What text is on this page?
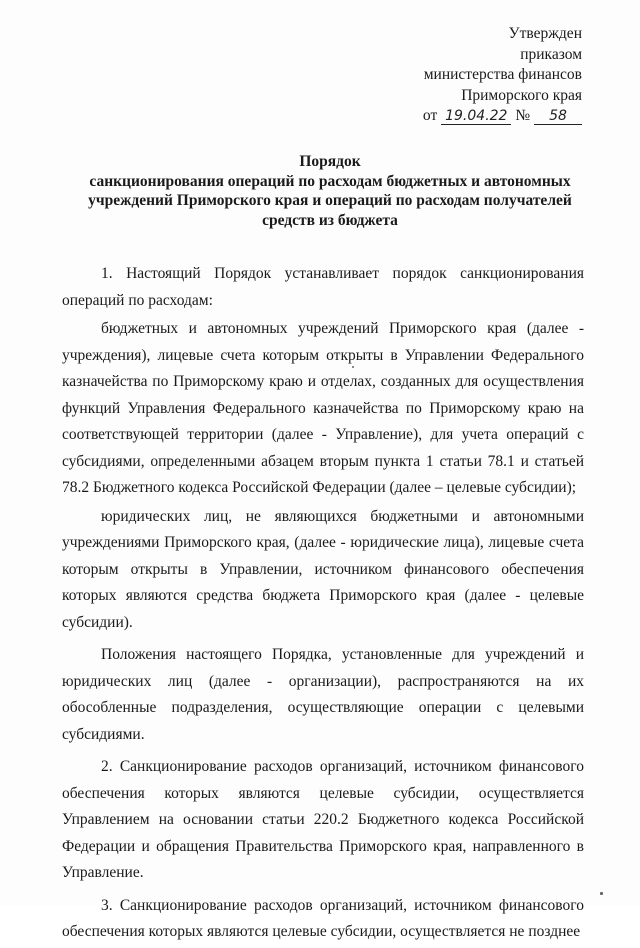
Утвержден
приказом
министерства финансов
Приморского края
от 19.04.22 № 58
Порядок
санкционирования операций по расходам бюджетных и автономных
учреждений Приморского края и операций по расходам получателей
средств из бюджета

1. Настоящий Порядок устанавливает порядок санкционирования операций по расходам:

бюджетных и автономных учреждений Приморского края (далее - учреждения), лицевые счета которым открыты в Управлении Федерального казначейства по Приморскому краю и отделах, созданных для осуществления функций Управления Федерального казначейства по Приморскому краю на соответствующей территории (далее - Управление), для учета операций с субсидиями, определенными абзацем вторым пункта 1 статьи 78.1 и статьей 78.2 Бюджетного кодекса Российской Федерации (далее – целевые субсидии);

юридических лиц, не являющихся бюджетными и автономными учреждениями Приморского края, (далее - юридические лица), лицевые счета которым открыты в Управлении, источником финансового обеспечения которых являются средства бюджета Приморского края (далее - целевые субсидии).

Положения настоящего Порядка, установленные для учреждений и юридических лиц (далее - организации), распространяются на их обособленные подразделения, осуществляющие операции с целевыми субсидиями.

2. Санкционирование расходов организаций, источником финансового обеспечения которых являются целевые субсидии, осуществляется Управлением на основании статьи 220.2 Бюджетного кодекса Российской Федерации и обращения Правительства Приморского края, направленного в Управление.

3. Санкционирование расходов организаций, источником финансового обеспечения которых являются целевые субсидии, осуществляется не позднее
